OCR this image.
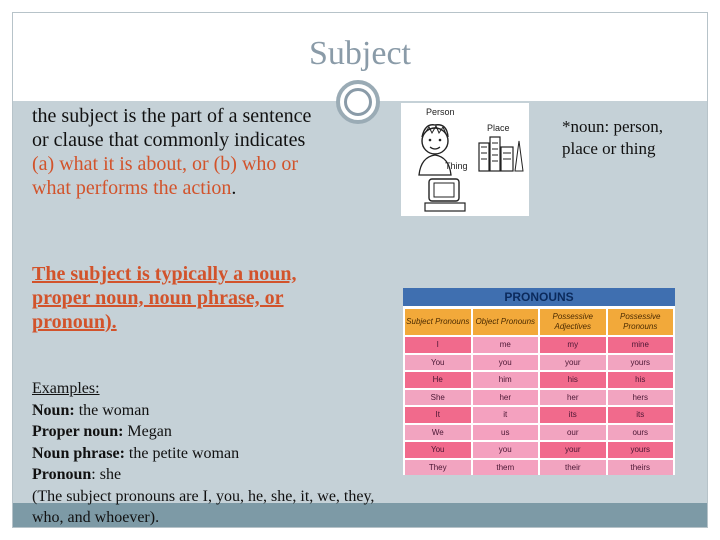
Subject
the subject is the part of a sentence or clause that commonly indicates (a) what it is about, or (b) who or what performs the action.
The subject is typically a noun, proper noun, noun phrase, or pronoun).
Examples:
Noun: the woman
Proper noun: Megan
Noun phrase: the petite woman
Pronoun: she
(The subject pronouns are I, you, he, she, it, we, they, who, and whoever).
*noun: person, place or thing
Person
Place
Thing
PRONOUNS
Subject Pronouns	Object Pronouns	Possessive Adjectives	Possessive Pronouns
I	me	my	mine
You	you	your	yours
He	him	his	his
She	her	her	hers
It	it	its	its
We	us	our	ours
You	you	your	yours
They	them	their	theirs
